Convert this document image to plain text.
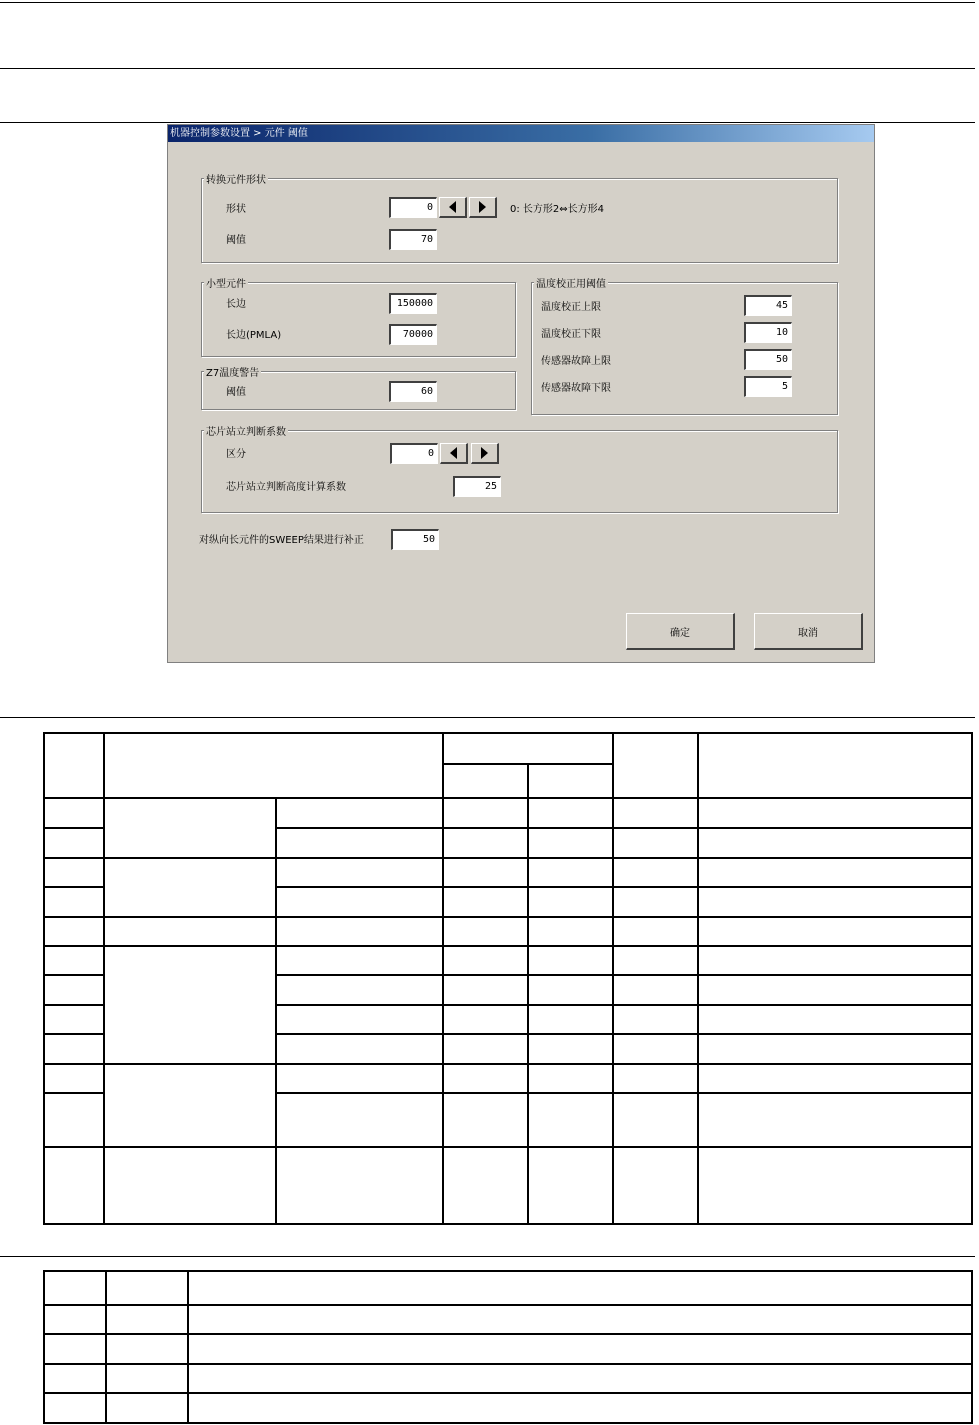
机器控制参数设置 > 元件 阈值
转换元件形状
形状	0	0: 长方形2⇔长方形4
阈值	70
小型元件
长边	150000
长边(PMLA)	70000
Z7温度警告
阈值	60
温度校正用阈值
温度校正上限	45
温度校正下限	10
传感器故障上限	50
传感器故障下限	5
芯片站立判断系数
区分	0
芯片站立判断高度计算系数	25
对纵向长元件的SWEEP结果进行补正	50
确定	取消
